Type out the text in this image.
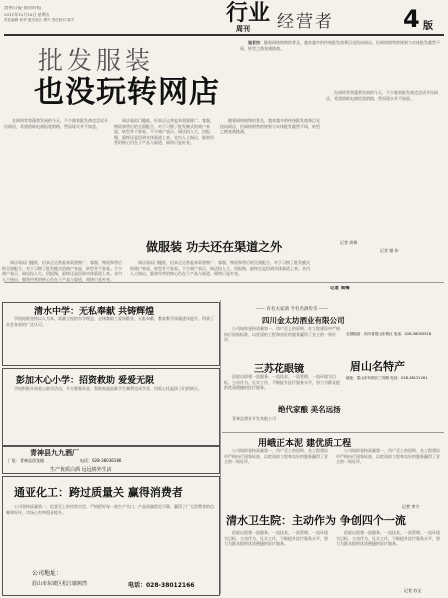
贵州日报·商业时报
2011年12月16日 星期五
责任编辑 何华 版式设计 谭兴 责任校对 陈方	行业
周刊 经营者	4 版
批发服装
也没玩转网店

编者按：随着网络购物的普及，越来越多的传统批发商将目光投向网店，但网络销售的规则与实体批发截然不同，转型之路充满挑战。

在网络零售蓬勃发展的今天，不少服装批发商也尝试开设网店，希望借助电商拓宽销路，然而现实并不如意。

网店看似门槛低，但真正运营起来需要推广、客服、物流和售后的全面配合，对于习惯了批发模式的商户来说，转型并不容易。不少商户表示，网店投入大、回报慢，最终还是回到实体渠道上来。业内人士指出，服装经营的核心仍在于产品与渠道，网络只是补充。

随着网络购物的普及，越来越多的传统批发商将目光投向网店，但网络销售的规则与实体批发截然不同，转型之路充满挑战。

在网络零售蓬勃发展的今天，不少服装批发商也尝试开设网店，希望借助电商拓宽销路，然而现实并不如意。

记者 周梅
记者 谢 伟
做服装 功夫还在渠道之外

网店看似门槛低，但真正运营起来需要推广、客服、物流和售后的全面配合，对于习惯了批发模式的商户来说，转型并不容易。不少商户表示，网店投入大、回报慢，最终还是回到实体渠道上来。业内人士指出，服装经营的核心仍在于产品与渠道，网络只是补充。

网店看似门槛低，但真正运营起来需要推广、客服、物流和售后的全面配合，对于习惯了批发模式的商户来说，转型并不容易。不少商户表示，网店投入大、回报慢，最终还是回到实体渠道上来。业内人士指出，服装经营的核心仍在于产品与渠道，网络只是补充。

记者 周梅
清水中学：无私奉献 共铸辉煌

学校始终坚持以人为本、质量立校的办学理念，全体教职工爱岗敬业、无私奉献，教育教学质量逐年提升，得到了社会各界的广泛认可。

彭加木心小学：招资救助 爱爱无限

学校积极开展爱心助学活动，多方筹集资金，帮助家庭困难学生顺利完成学业，用爱心托起孩子们的明天。

青神县九九酒厂
厂址：青神县西龙镇	电话：028-38036186
生产优质白酒 远远销外生活
通亚化工：跨过质量关 赢得消费者

公司坚持质量第一、信誉至上的经营宗旨，严格把好每一道生产关口，产品质量稳定可靠，赢得了广大消费者的信赖和好评，市场占有率稳步提升。

公司地址：
眉山市东坡区松江镇树湾	电话：028-38012166
—— 有名夫家酒 今有名酒传奇 ——
四川金太坊酒业有限公司

公司始终坚持质量第一、用户至上的原则，在工程建设中严格执行国家标准，以优质的工程和良好的服务赢得了业主的一致好评。

全国地址：四川省眉山东坡区 电话：028-38055518
三苏花眼镜	眉山名特产

医院以创建一流服务、一流技术、一流管理、一流环境为目标，主动作为、扎实工作，不断提升医疗服务水平，努力为群众提供优质便捷的医疗服务。

地址：眉山市东坡区三苏路 电话：028-38121261
绝代家酿 美名远扬

青神县酒业开发有限公司

用峨正本泥 建优质工程

公司始终坚持质量第一、用户至上的原则，在工程建设中严格执行国家标准，以优质的工程和良好的服务赢得了业主的一致好评。

公司始终坚持质量第一、用户至上的原则，在工程建设中严格执行国家标准，以优质的工程和良好的服务赢得了业主的一致好评。

记者 李力
清水卫生院：主动作为 争创四个一流

医院以创建一流服务、一流技术、一流管理、一流环境为目标，主动作为、扎实工作，不断提升医疗服务水平，努力为群众提供优质便捷的医疗服务。

医院以创建一流服务、一流技术、一流管理、一流环境为目标，主动作为、扎实工作，不断提升医疗服务水平，努力为群众提供优质便捷的医疗服务。

记者 苏文
